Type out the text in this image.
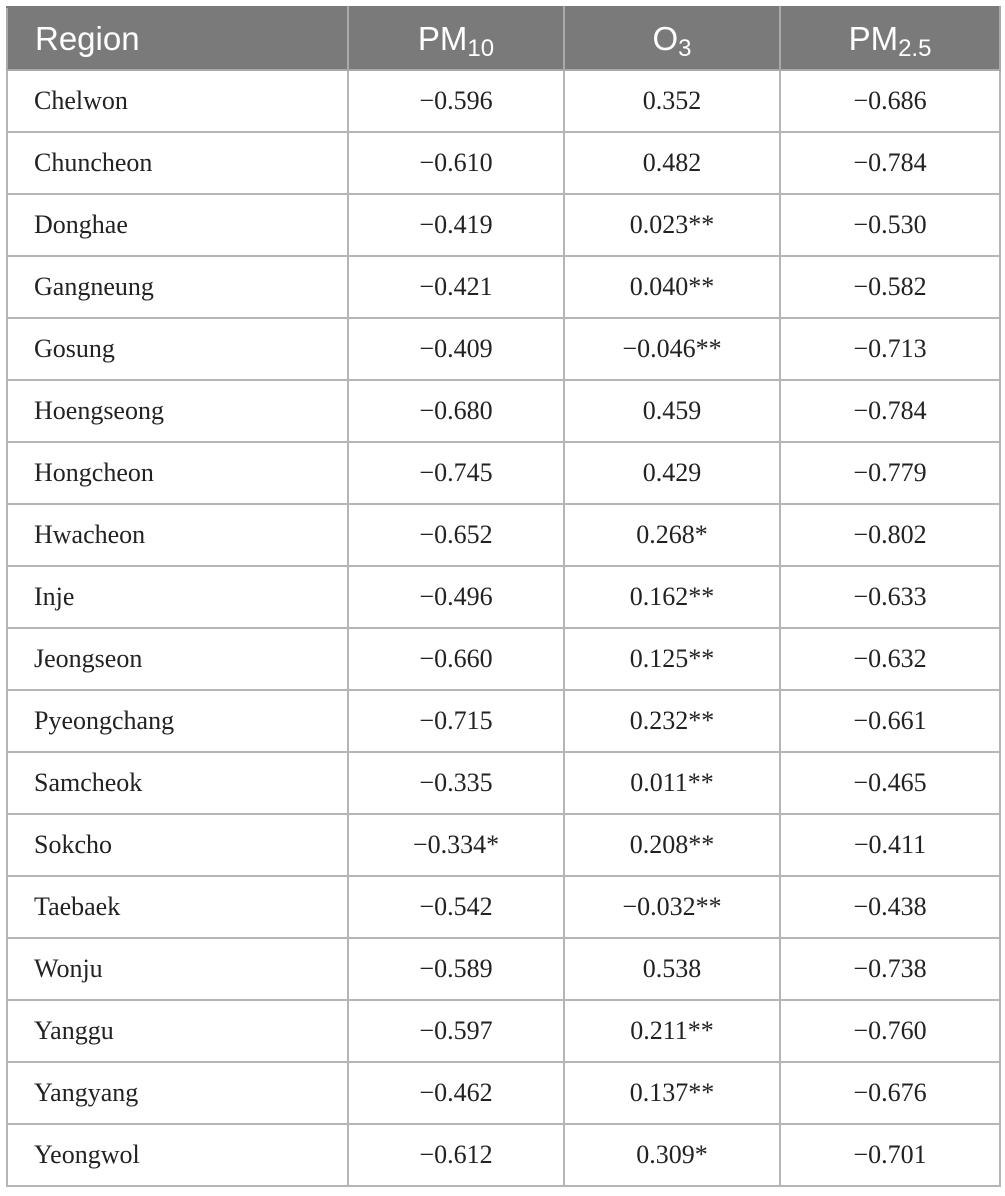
Region	$PM_{10}$	$O_3$	$PM_{2.5}$
Chelwon	−0.596	0.352	−0.686
Chuncheon	−0.610	0.482	−0.784
Donghae	−0.419	0.023**	−0.530
Gangneung	−0.421	0.040**	−0.582
Gosung	−0.409	−0.046**	−0.713
Hoengseong	−0.680	0.459	−0.784
Hongcheon	−0.745	0.429	−0.779
Hwacheon	−0.652	0.268*	−0.802
Inje	−0.496	0.162**	−0.633
Jeongseon	−0.660	0.125**	−0.632
Pyeongchang	−0.715	0.232**	−0.661
Samcheok	−0.335	0.011**	−0.465
Sokcho	−0.334*	0.208**	−0.411
Taebaek	−0.542	−0.032**	−0.438
Wonju	−0.589	0.538	−0.738
Yanggu	−0.597	0.211**	−0.760
Yangyang	−0.462	0.137**	−0.676
Yeongwol	−0.612	0.309*	−0.701
